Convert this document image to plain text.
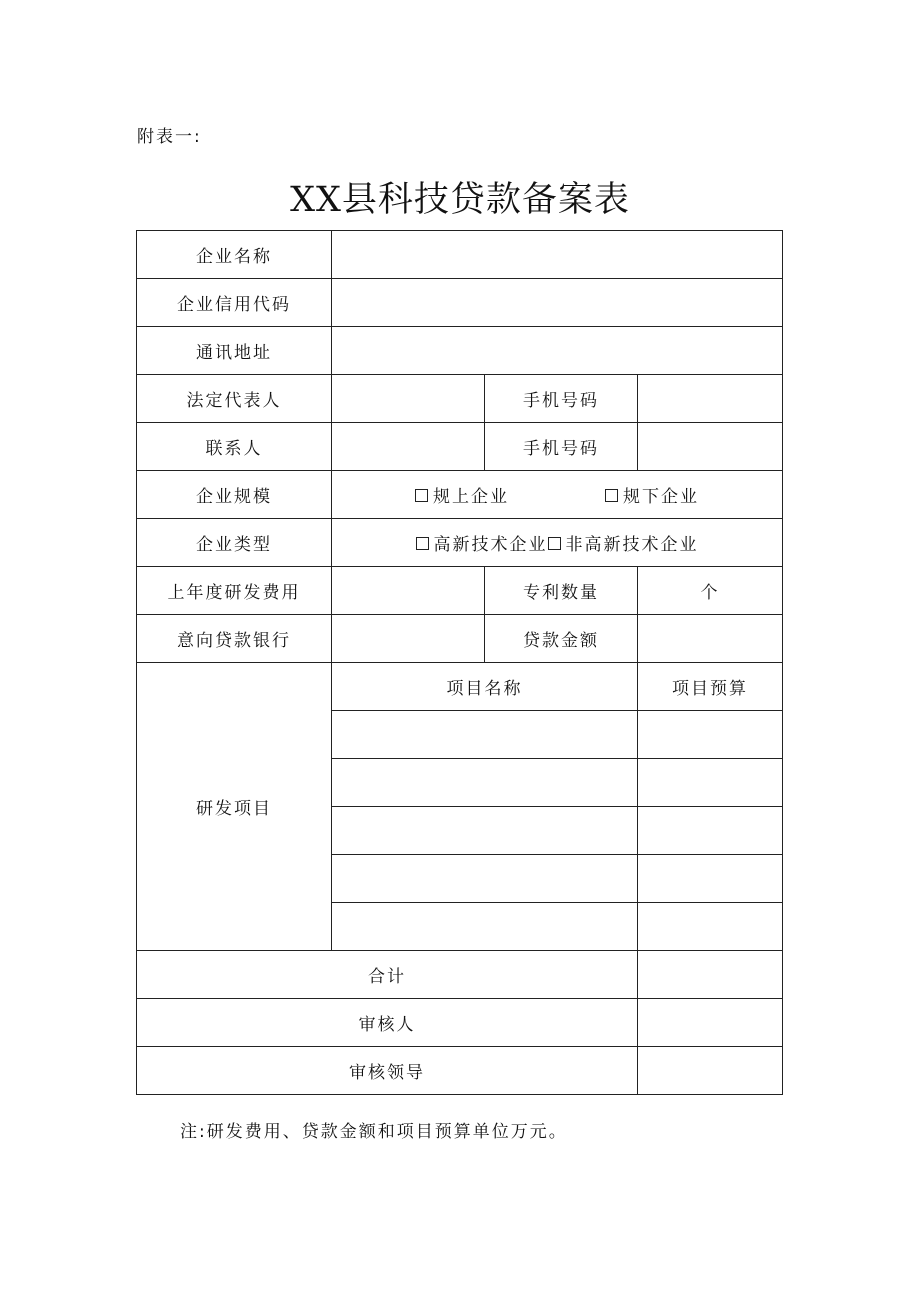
附表一:
XX县科技贷款备案表
企业名称			
企业信用代码			
通讯地址			
法定代表人		手机号码	
联系人		手机号码	
企业规模	规上企业 规下企业		
企业类型	高新技术企业 非高新技术企业		
上年度研发费用		专利数量	个
意向贷款银行		贷款金额	
研发项目	项目名称		项目预算

合计			
审核人			
审核领导			
注:研发费用、贷款金额和项目预算单位万元。
